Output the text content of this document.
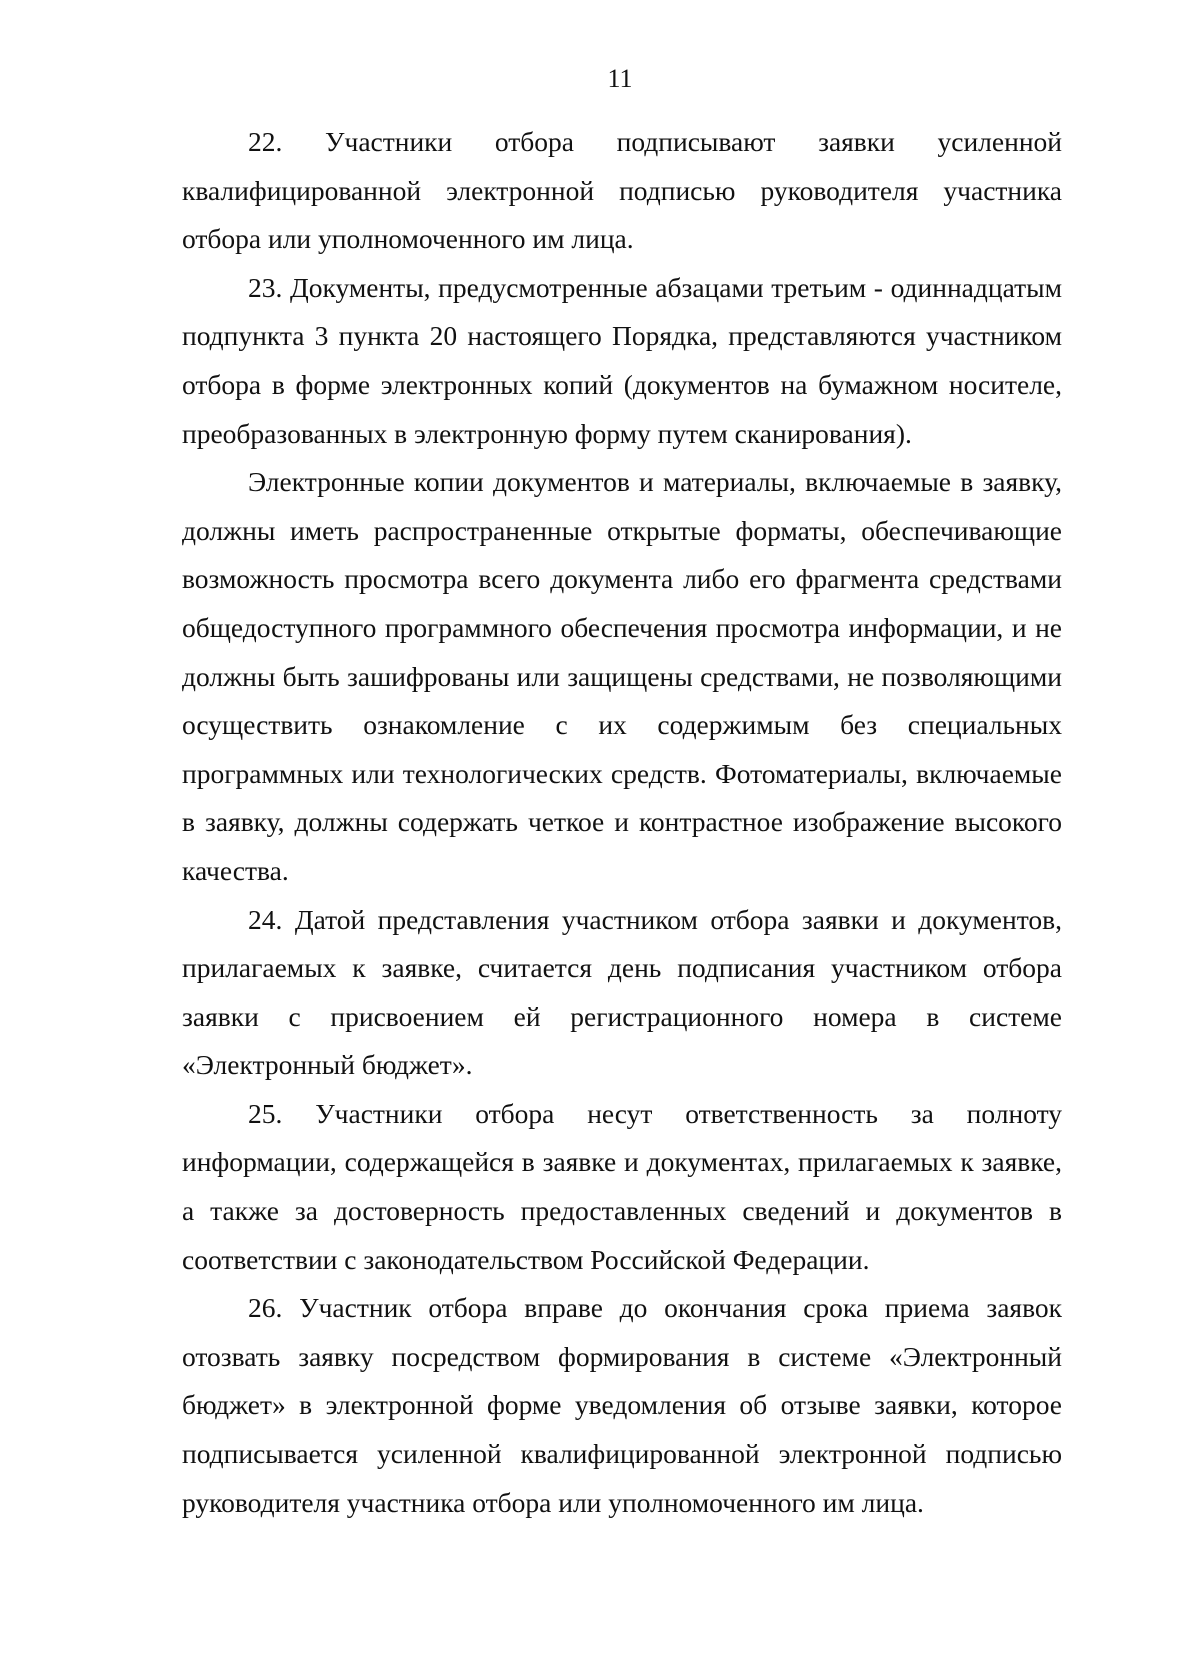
11

22. Участники отбора подписывают заявки усиленной квалифицированной электронной подписью руководителя участника отбора или уполномоченного им лица.

23. Документы, предусмотренные абзацами третьим - одиннадцатым подпункта 3 пункта 20 настоящего Порядка, представляются участником отбора в форме электронных копий (документов на бумажном носителе, преобразованных в электронную форму путем сканирования).

Электронные копии документов и материалы, включаемые в заявку, должны иметь распространенные открытые форматы, обеспечивающие возможность просмотра всего документа либо его фрагмента средствами общедоступного программного обеспечения просмотра информации, и не должны быть зашифрованы или защищены средствами, не позволяющими осуществить ознакомление с их содержимым без специальных программных или технологических средств. Фотоматериалы, включаемые в заявку, должны содержать четкое и контрастное изображение высокого качества.

24. Датой представления участником отбора заявки и документов, прилагаемых к заявке, считается день подписания участником отбора заявки с присвоением ей регистрационного номера в системе «Электронный бюджет».

25. Участники отбора несут ответственность за полноту информации, содержащейся в заявке и документах, прилагаемых к заявке, а также за достоверность предоставленных сведений и документов в соответствии с законодательством Российской Федерации.

26. Участник отбора вправе до окончания срока приема заявок отозвать заявку посредством формирования в системе «Электронный бюджет» в электронной форме уведомления об отзыве заявки, которое подписывается усиленной квалифицированной электронной подписью руководителя участника отбора или уполномоченного им лица.
